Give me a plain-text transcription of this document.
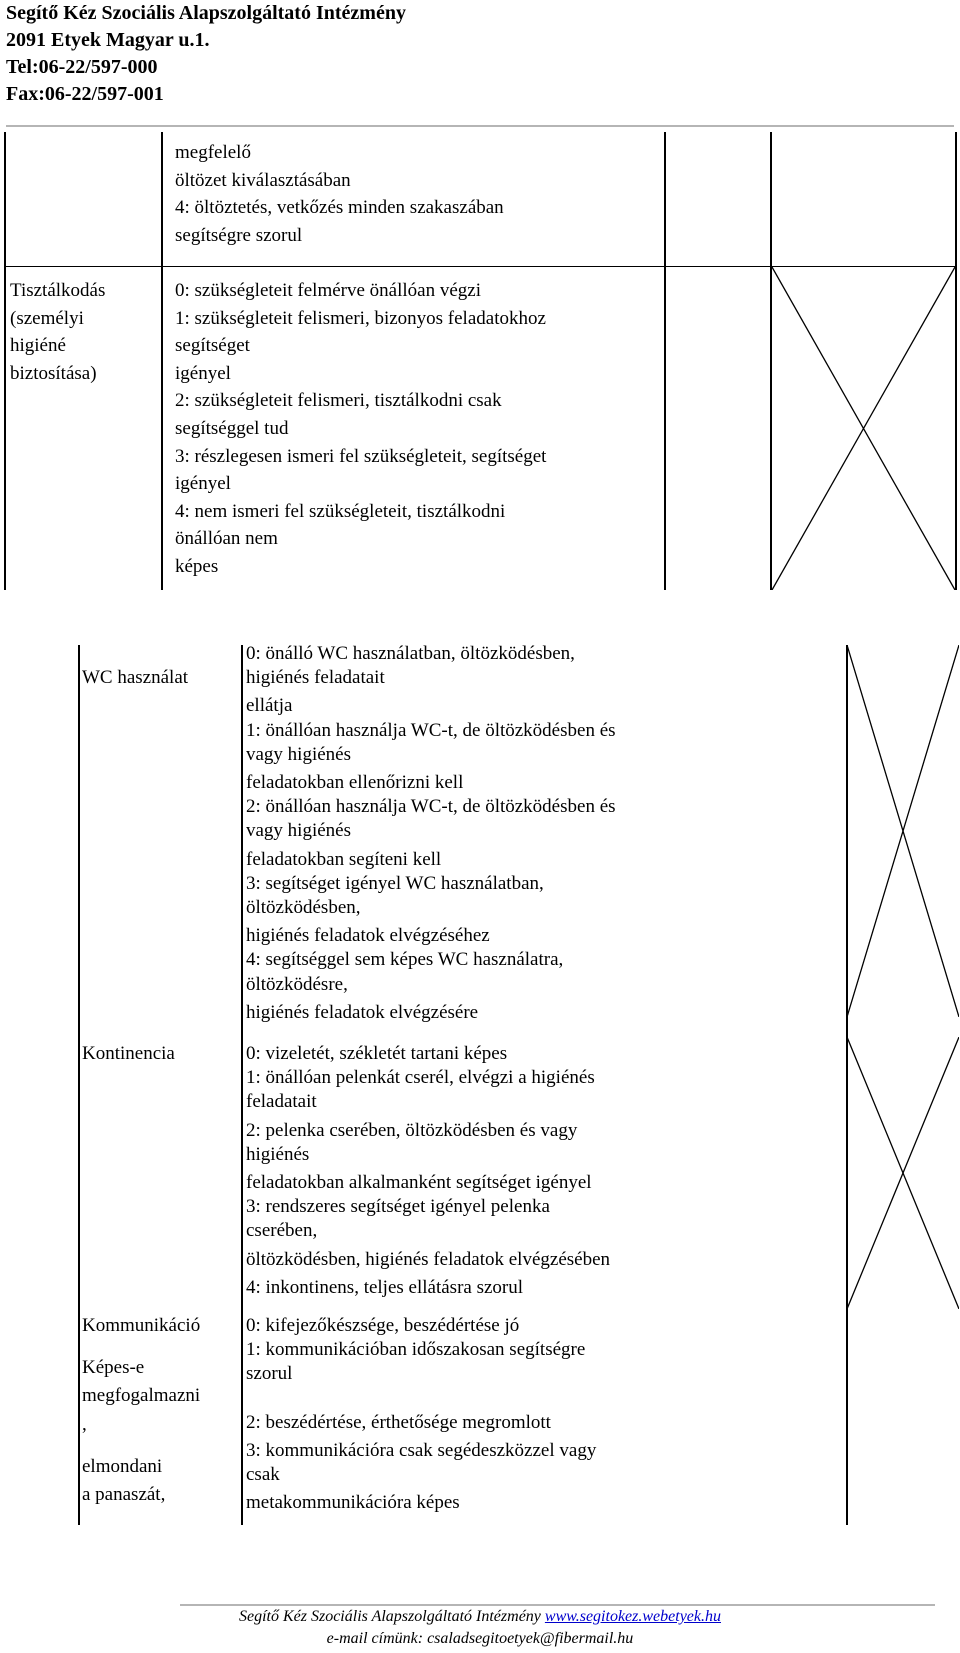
Segítő Kéz Szociális Alapszolgáltató Intézmény
2091 Etyek Magyar u.1.
Tel:06-22/597-000
Fax:06-22/597-001
megfelelő
öltözet kiválasztásában
4: öltöztetés, vetkőzés minden szakaszában
segítségre szorul
Tisztálkodás
(személyi
higiéné
biztosítása)
0: szükségleteit felmérve önállóan végzi
1: szükségleteit felismeri, bizonyos feladatokhoz
segítséget
igényel
2: szükségleteit felismeri, tisztálkodni csak
segítséggel tud
3: részlegesen ismeri fel szükségleteit, segítséget
igényel
4: nem ismeri fel szükségleteit, tisztálkodni
önállóan nem
képes
WC használat
0: önálló WC használatban, öltözködésben,
higiénés feladatait
ellátja
1: önállóan használja WC-t, de öltözködésben és
vagy higiénés
feladatokban ellenőrizni kell
2: önállóan használja WC-t, de öltözködésben és
vagy higiénés
feladatokban segíteni kell
3: segítséget igényel WC használatban,
öltözködésben,
higiénés feladatok elvégzéséhez
4: segítséggel sem képes WC használatra,
öltözködésre,
higiénés feladatok elvégzésére
Kontinencia	0: vizeletét, székletét tartani képes
1: önállóan pelenkát cserél, elvégzi a higiénés
feladatait
2: pelenka cserében, öltözködésben és vagy
higiénés
feladatokban alkalmanként segítséget igényel
3: rendszeres segítséget igényel pelenka
cserében,
öltözködésben, higiénés feladatok elvégzésében
4: inkontinens, teljes ellátásra szorul
Kommunikáció
Képes-e
megfogalmazni
,
elmondani
a panaszát,
0: kifejezőkészsége, beszédértése jó
1: kommunikációban időszakosan segítségre
szorul
2: beszédértése, érthetősége megromlott
3: kommunikációra csak segédeszközzel vagy
csak
metakommunikációra képes
Segítő Kéz Szociális Alapszolgáltató Intézmény www.segitokez.webetyek.hu
e-mail címünk: csaladsegitoetyek@fibermail.hu
